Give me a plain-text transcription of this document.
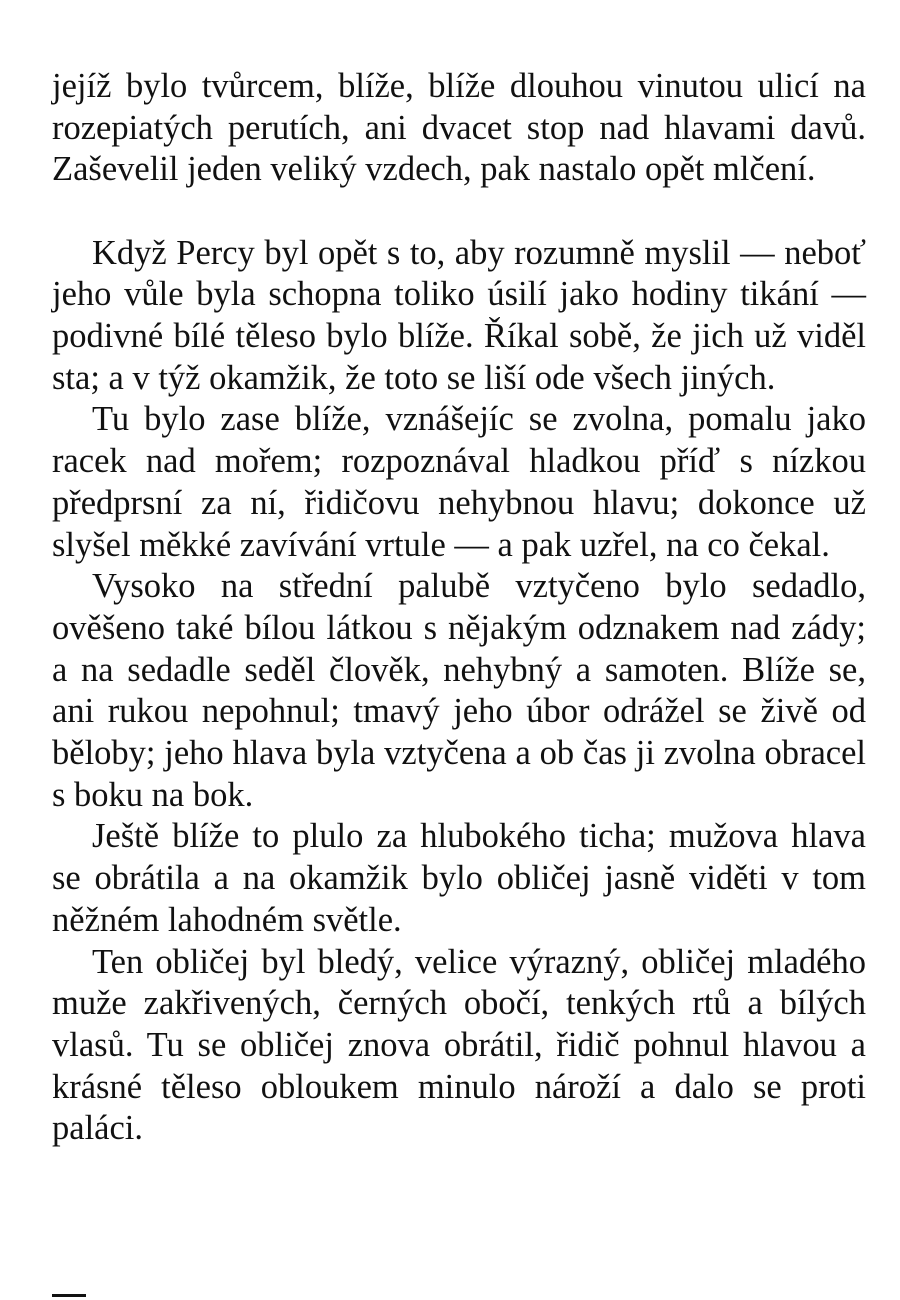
jejíž bylo tvůrcem, blíže, blíže dlouhou vinutou ulicí na rozepiatých perutích, ani dvacet stop nad hlavami davů. Zaševelil jeden veliký vzdech, pak nastalo opět mlčení.

Když Percy byl opět s to, aby rozumně myslil — neboť jeho vůle byla schopna toliko úsilí jako hodiny tikání — podivné bílé těleso bylo blíže. Říkal sobě, že jich už viděl sta; a v týž okamžik, že toto se liší ode všech jiných.

Tu bylo zase blíže, vznášejíc se zvolna, pomalu jako racek nad mořem; rozpoznával hladkou příď s nízkou předprsní za ní, řidičovu nehybnou hlavu; dokonce už slyšel měkké zavívání vrtule — a pak uzřel, na co čekal.

Vysoko na střední palubě vztyčeno bylo sedadlo, ověšeno také bílou látkou s nějakým odznakem nad zády; a na sedadle seděl člověk, nehybný a samoten. Blíže se, ani rukou nepohnul; tmavý jeho úbor odrážel se živě od běloby; jeho hlava byla vztyčena a ob čas ji zvolna obracel s boku na bok.

Ještě blíže to plulo za hlubokého ticha; mužova hlava se obrátila a na okamžik bylo obličej jasně viděti v tom něžném lahodném světle.

Ten obličej byl bledý, velice výrazný, obličej mladého muže zakřivených, černých obočí, tenkých rtů a bílých vlasů. Tu se obličej znova obrátil, řidič pohnul hlavou a krásné těleso obloukem minulo nároží a dalo se proti paláci.
